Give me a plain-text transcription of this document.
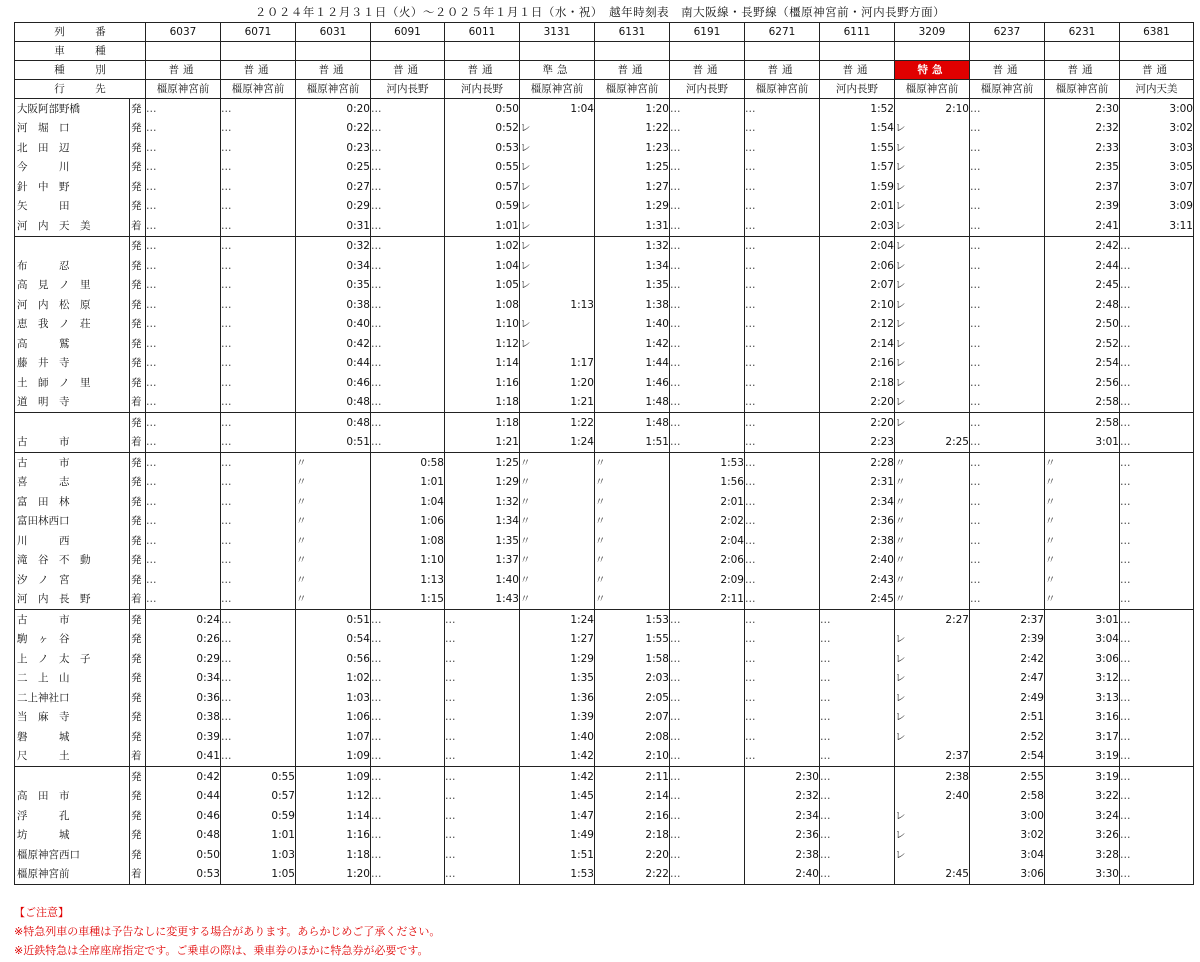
２０２４年１２月３１日（火）～２０２５年１月１日（水・祝）　越年時刻表　南大阪線・長野線（橿原神宮前・河内長野方面）
列　番		6037	6071	6031	6091	6011	3131	6131	6191	6271	6111	3209	6237	6231	6381
車　種															
種　別		普通	普通	普通	普通	普通	準急	普通	普通	普通	普通	特急	普通	普通	普通
行　先		橿原神宮前	橿原神宮前	橿原神宮前	河内長野	河内長野	橿原神宮前	橿原神宮前	河内長野	橿原神宮前	河内長野	橿原神宮前	橿原神宮前	橿原神宮前	河内天美
大阪阿部野橋	発	…	…	0:20	…	0:50	1:04	1:20	…	…	1:52	2:10	…	2:30	3:00
河　堀　口	発	…	…	0:22	…	0:52	レ	1:22	…	…	1:54	レ	…	2:32	3:02
北　田　辺	発	…	…	0:23	…	0:53	レ	1:23	…	…	1:55	レ	…	2:33	3:03
今　　　川	発	…	…	0:25	…	0:55	レ	1:25	…	…	1:57	レ	…	2:35	3:05
針　中　野	発	…	…	0:27	…	0:57	レ	1:27	…	…	1:59	レ	…	2:37	3:07
矢　　　田	発	…	…	0:29	…	0:59	レ	1:29	…	…	2:01	レ	…	2:39	3:09
河　内　天　美	着	…	…	0:31	…	1:01	レ	1:31	…	…	2:03	レ	…	2:41	3:11
	発	…	…	0:32	…	1:02	レ	1:32	…	…	2:04	レ	…	2:42	…
布　　　忍	発	…	…	0:34	…	1:04	レ	1:34	…	…	2:06	レ	…	2:44	…
高　見　ノ　里	発	…	…	0:35	…	1:05	レ	1:35	…	…	2:07	レ	…	2:45	…
河　内　松　原	発	…	…	0:38	…	1:08	1:13	1:38	…	…	2:10	レ	…	2:48	…
恵　我　ノ　荘	発	…	…	0:40	…	1:10	レ	1:40	…	…	2:12	レ	…	2:50	…
高　　　鷲	発	…	…	0:42	…	1:12	レ	1:42	…	…	2:14	レ	…	2:52	…
藤　井　寺	発	…	…	0:44	…	1:14	1:17	1:44	…	…	2:16	レ	…	2:54	…
土　師　ノ　里	発	…	…	0:46	…	1:16	1:20	1:46	…	…	2:18	レ	…	2:56	…
道　明　寺	着	…	…	0:48	…	1:18	1:21	1:48	…	…	2:20	レ	…	2:58	…
	発	…	…	0:48	…	1:18	1:22	1:48	…	…	2:20	レ	…	2:58	…
古　　　市	着	…	…	0:51	…	1:21	1:24	1:51	…	…	2:23	2:25	…	3:01	…
古　　　市	発	…	…	〃	0:58	1:25	〃	〃	1:53	…	2:28	〃	…	〃	…
喜　　　志	発	…	…	〃	1:01	1:29	〃	〃	1:56	…	2:31	〃	…	〃	…
富　田　林	発	…	…	〃	1:04	1:32	〃	〃	2:01	…	2:34	〃	…	〃	…
富田林西口	発	…	…	〃	1:06	1:34	〃	〃	2:02	…	2:36	〃	…	〃	…
川　　　西	発	…	…	〃	1:08	1:35	〃	〃	2:04	…	2:38	〃	…	〃	…
滝　谷　不　動	発	…	…	〃	1:10	1:37	〃	〃	2:06	…	2:40	〃	…	〃	…
汐　ノ　宮	発	…	…	〃	1:13	1:40	〃	〃	2:09	…	2:43	〃	…	〃	…
河　内　長　野	着	…	…	〃	1:15	1:43	〃	〃	2:11	…	2:45	〃	…	〃	…
古　　　市	発	0:24	…	0:51	…	…	1:24	1:53	…	…	…	2:27	2:37	3:01	…
駒　ヶ　谷	発	0:26	…	0:54	…	…	1:27	1:55	…	…	…	レ	2:39	3:04	…
上　ノ　太　子	発	0:29	…	0:56	…	…	1:29	1:58	…	…	…	レ	2:42	3:06	…
二　上　山	発	0:34	…	1:02	…	…	1:35	2:03	…	…	…	レ	2:47	3:12	…
二上神社口	発	0:36	…	1:03	…	…	1:36	2:05	…	…	…	レ	2:49	3:13	…
当　麻　寺	発	0:38	…	1:06	…	…	1:39	2:07	…	…	…	レ	2:51	3:16	…
磐　　　城	発	0:39	…	1:07	…	…	1:40	2:08	…	…	…	レ	2:52	3:17	…
尺　　　土	着	0:41	…	1:09	…	…	1:42	2:10	…	…	…	2:37	2:54	3:19	…
	発	0:42	0:55	1:09	…	…	1:42	2:11	…	2:30	…	2:38	2:55	3:19	…
高　田　市	発	0:44	0:57	1:12	…	…	1:45	2:14	…	2:32	…	2:40	2:58	3:22	…
浮　　　孔	発	0:46	0:59	1:14	…	…	1:47	2:16	…	2:34	…	レ	3:00	3:24	…
坊　　　城	発	0:48	1:01	1:16	…	…	1:49	2:18	…	2:36	…	レ	3:02	3:26	…
橿原神宮西口	発	0:50	1:03	1:18	…	…	1:51	2:20	…	2:38	…	レ	3:04	3:28	…
橿原神宮前	着	0:53	1:05	1:20	…	…	1:53	2:22	…	2:40	…	2:45	3:06	3:30	…
【ご注意】
※特急列車の車種は予告なしに変更する場合があります。あらかじめご了承ください。
※近鉄特急は全席座席指定です。ご乗車の際は、乗車券のほかに特急券が必要です。
